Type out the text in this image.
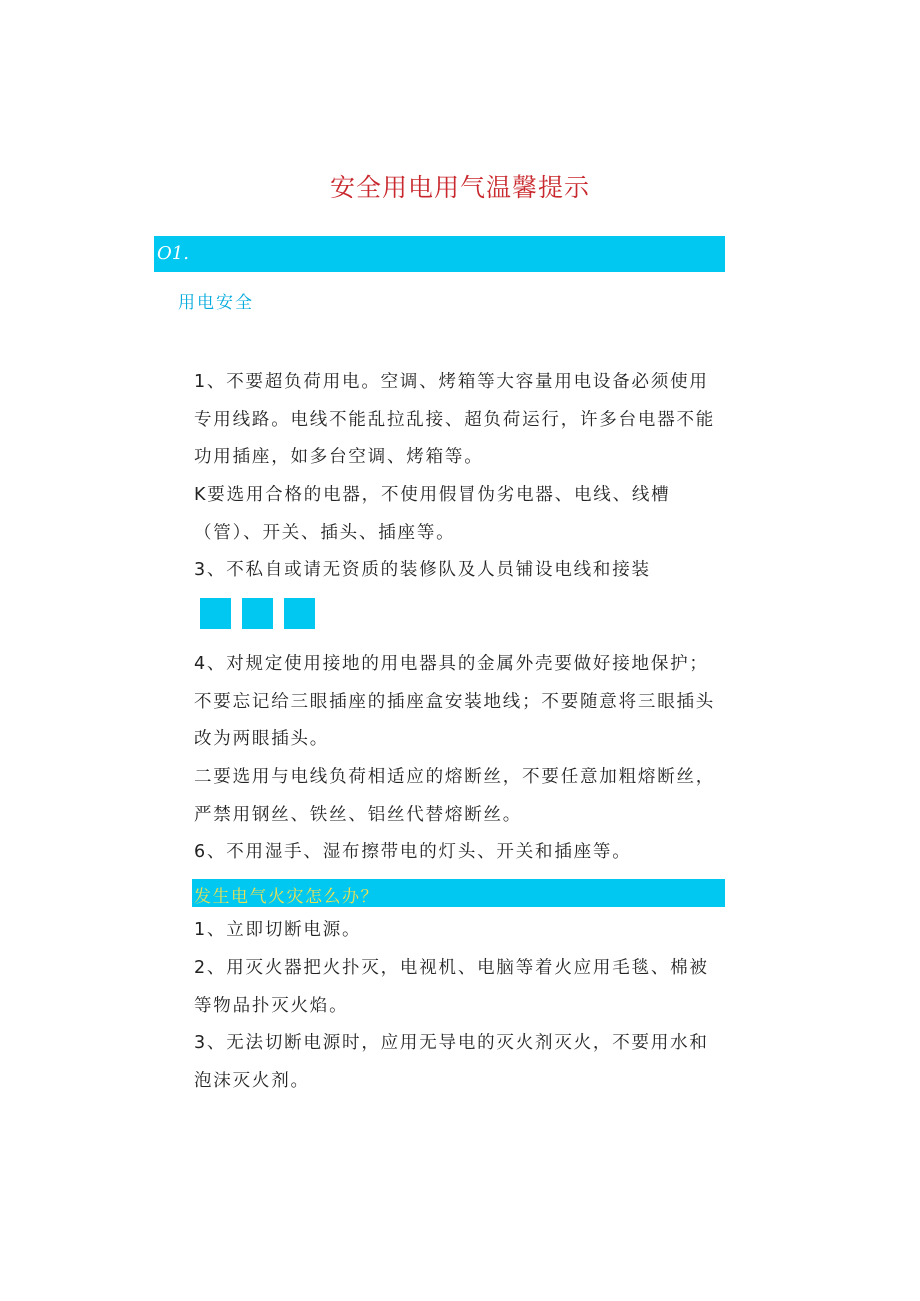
安全用电用气温馨提示
O1.
用电安全

1、不要超负荷用电。空调、烤箱等大容量用电设备必须使用专用线路。电线不能乱拉乱接、超负荷运行，许多台电器不能功用插座，如多台空调、烤箱等。

K要选用合格的电器，不使用假冒伪劣电器、电线、线槽（管）、开关、插头、插座等。

3、不私自或请无资质的装修队及人员铺设电线和接装

4、对规定使用接地的用电器具的金属外壳要做好接地保护；不要忘记给三眼插座的插座盒安装地线；不要随意将三眼插头改为两眼插头。

二要选用与电线负荷相适应的熔断丝，不要任意加粗熔断丝，严禁用钢丝、铁丝、铝丝代替熔断丝。

6、不用湿手、湿布擦带电的灯头、开关和插座等。

发生电气火灾怎么办？

1、立即切断电源。

2、用灭火器把火扑灭，电视机、电脑等着火应用毛毯、棉被等物品扑灭火焰。

3、无法切断电源时，应用无导电的灭火剂灭火，不要用水和泡沫灭火剂。
